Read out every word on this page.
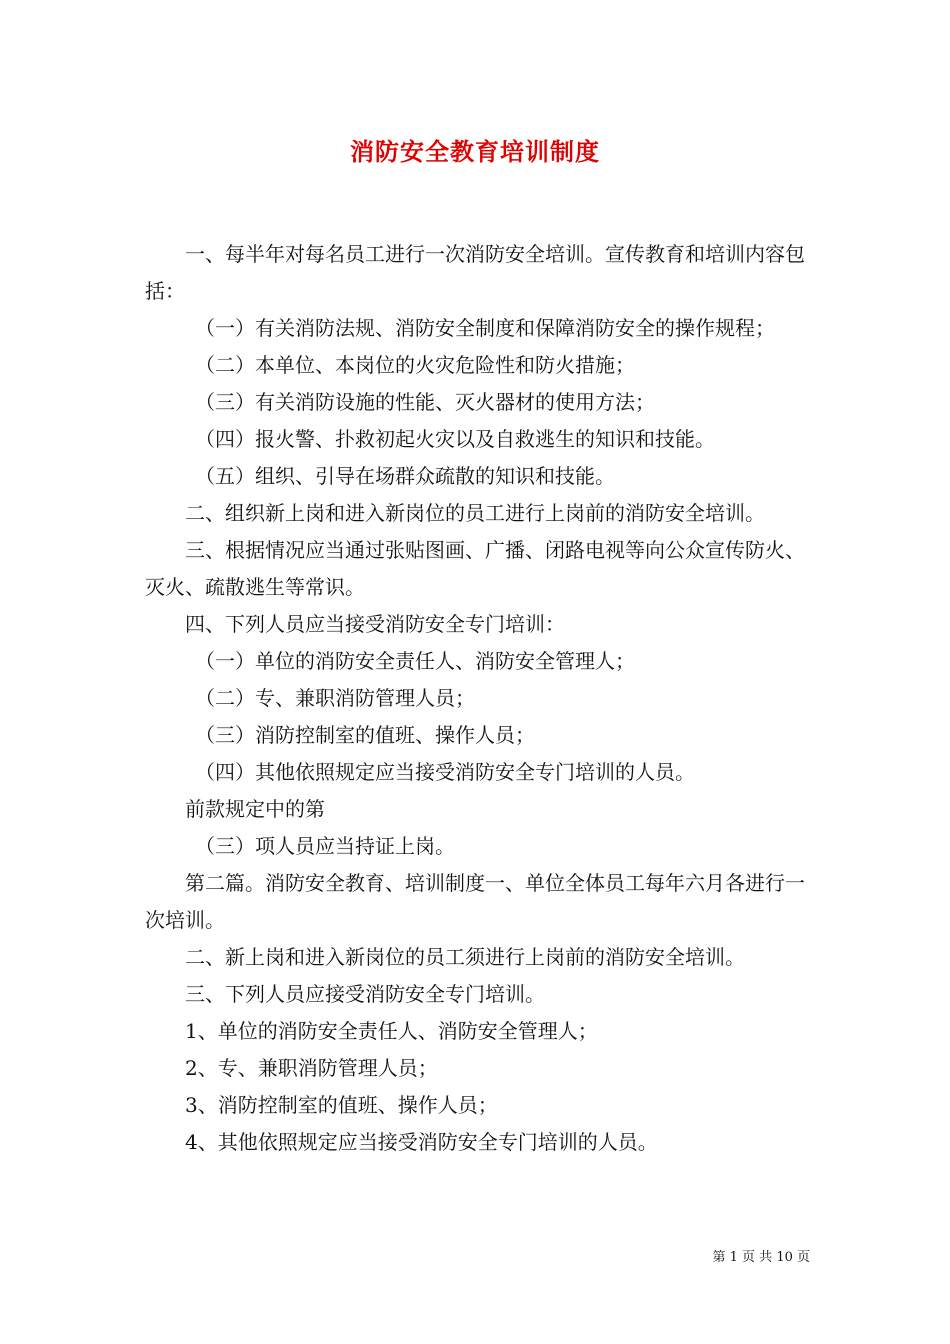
消防安全教育培训制度

一、每半年对每名员工进行一次消防安全培训。宣传教育和培训内容包括：

（一）有关消防法规、消防安全制度和保障消防安全的操作规程；

（二）本单位、本岗位的火灾危险性和防火措施；

（三）有关消防设施的性能、灭火器材的使用方法；

（四）报火警、扑救初起火灾以及自救逃生的知识和技能。

（五）组织、引导在场群众疏散的知识和技能。

二、组织新上岗和进入新岗位的员工进行上岗前的消防安全培训。

三、根据情况应当通过张贴图画、广播、闭路电视等向公众宣传防火、灭火、疏散逃生等常识。

四、下列人员应当接受消防安全专门培训：

（一）单位的消防安全责任人、消防安全管理人；

（二）专、兼职消防管理人员；

（三）消防控制室的值班、操作人员；

（四）其他依照规定应当接受消防安全专门培训的人员。

前款规定中的第

（三）项人员应当持证上岗。

第二篇。消防安全教育、培训制度一、单位全体员工每年六月各进行一次培训。

二、新上岗和进入新岗位的员工须进行上岗前的消防安全培训。

三、下列人员应接受消防安全专门培训。

1、单位的消防安全责任人、消防安全管理人；

2、专、兼职消防管理人员；

3、消防控制室的值班、操作人员；

4、其他依照规定应当接受消防安全专门培训的人员。

第 1 页 共 10 页
